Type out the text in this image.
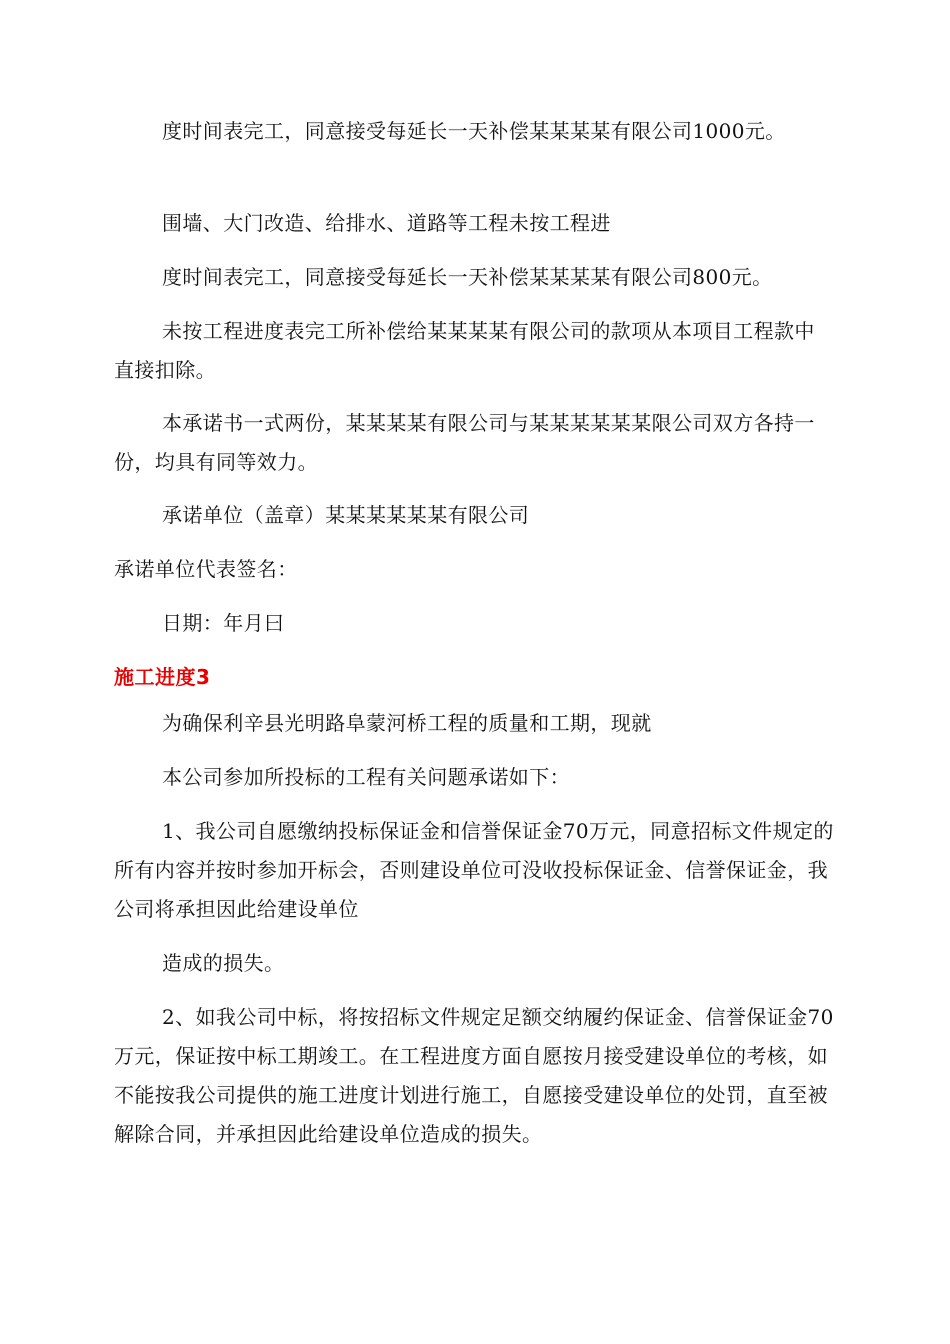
度时间表完工，同意接受每延长一天补偿某某某某有限公司1000元。

围墙、大门改造、给排水、道路等工程未按工程进

度时间表完工，同意接受每延长一天补偿某某某某有限公司800元。

未按工程进度表完工所补偿给某某某某有限公司的款项从本项目工程款中直接扣除。

本承诺书一式两份，某某某某有限公司与某某某某某某限公司双方各持一份，均具有同等效力。

承诺单位（盖章）某某某某某某有限公司

承诺单位代表签名：

日期：年月曰

施工进度3

为确保利辛县光明路阜蒙河桥工程的质量和工期，现就

本公司参加所投标的工程有关问题承诺如下：

1、我公司自愿缴纳投标保证金和信誉保证金70万元，同意招标文件规定的所有内容并按时参加开标会，否则建设单位可没收投标保证金、信誉保证金，我公司将承担因此给建设单位

造成的损失。

2、如我公司中标，将按招标文件规定足额交纳履约保证金、信誉保证金70万元，保证按中标工期竣工。在工程进度方面自愿按月接受建设单位的考核，如不能按我公司提供的施工进度计划进行施工，自愿接受建设单位的处罚，直至被解除合同，并承担因此给建设单位造成的损失。
